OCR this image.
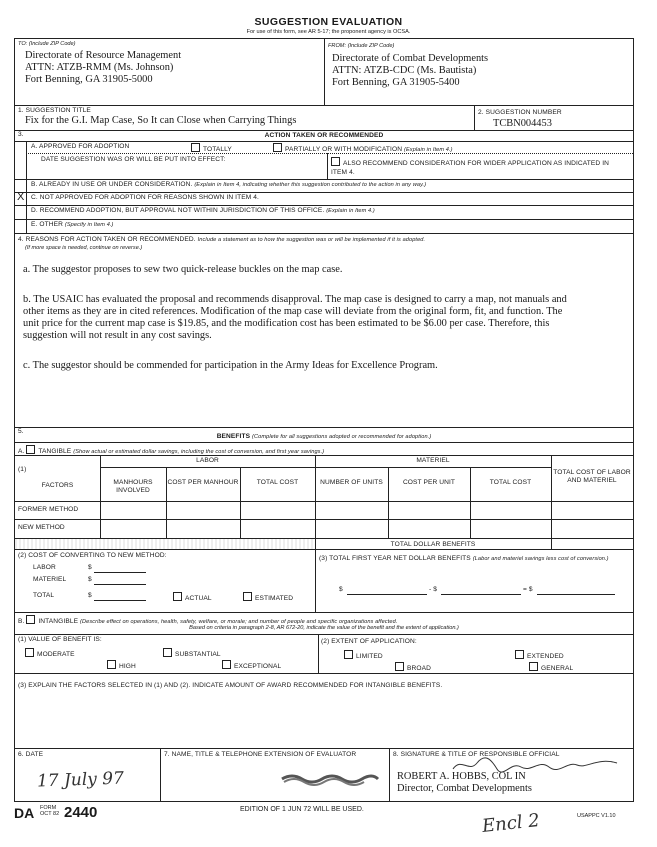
SUGGESTION EVALUATION
For use of this form, see AR 5-17; the proponent agency is OCSA.
TO: (Include ZIP Code)
Directorate of Resource Management
ATTN: ATZB-RMM (Ms. Johnson)
Fort Benning, GA 31905-5000
FROM: (Include ZIP Code)
Directorate of Combat Developments
ATTN: ATZB-CDC (Ms. Bautista)
Fort Benning, GA 31905-5400
1. SUGGESTION TITLE
Fix for the G.I. Map Case, So It can Close when Carrying Things
2. SUGGESTION NUMBER
TCBN004453
3.	ACTION TAKEN OR RECOMMENDED
A. APPROVED FOR ADOPTION	TOTALLY	PARTIALLY OR WITH MODIFICATION (Explain in Item 4.)
DATE SUGGESTION WAS OR WILL BE PUT INTO EFFECT:
ALSO RECOMMEND CONSIDERATION FOR WIDER APPLICATION AS INDICATED IN ITEM 4.
B. ALREADY IN USE OR UNDER CONSIDERATION. (Explain in Item 4, indicating whether this suggestion contributed to the action in any way.)
X C. NOT APPROVED FOR ADOPTION FOR REASONS SHOWN IN ITEM 4.
D. RECOMMEND ADOPTION, BUT APPROVAL NOT WITHIN JURISDICTION OF THIS OFFICE. (Explain in Item 4.)
E. OTHER (Specify in Item 4.)
4. REASONS FOR ACTION TAKEN OR RECOMMENDED. Include a statement as to how the suggestion was or will be implemented if it is adopted.
(If more space is needed, continue on reverse.)
a. The suggestor proposes to sew two quick-release buckles on the map case.
b. The USAIC has evaluated the proposal and recommends disapproval. The map case is designed to carry a map, not manuals and
other items as they are in cited references. Modification of the map case will deviate from the original form, fit, and function. The
unit price for the current map case is $19.85, and the modification cost has been estimated to be $6.00 per case. Therefore, this
suggestion will not result in any cost savings.
c. The suggestor should be commended for participation in the Army Ideas for Excellence Program.
5.
BENEFITS (Complete for all suggestions adopted or recommended for adoption.)
A. TANGIBLE (Show actual or estimated dollar savings, including the cost of conversion, and first year savings.)
(1)
LABOR	MATERIEL
FACTORS	MANHOURS INVOLVED
COST PER MANHOUR	TOTAL COST	NUMBER OF UNITS	COST PER UNIT	TOTAL COST
TOTAL COST OF LABOR AND MATERIEL
FORMER METHOD
NEW METHOD
TOTAL DOLLAR BENEFITS
(2) COST OF CONVERTING TO NEW METHOD:
LABOR	$
MATERIEL	$
TOTAL	$	ACTUAL	ESTIMATED
(3) TOTAL FIRST YEAR NET DOLLAR BENEFITS (Labor and materiel savings less cost of conversion.)
$	- $	= $
B. INTANGIBLE (Describe effect on operations, health, safety, welfare, or morale; and number of people and specific organizations affected.
Based on criteria in paragraph 2-8, AR 672-20, indicate the value of the benefit and the extent of application.)
(1) VALUE OF BENEFIT IS:
MODERATE	SUBSTANTIAL
HIGH	EXCEPTIONAL
(2) EXTENT OF APPLICATION:
LIMITED	EXTENDED
BROAD	GENERAL
(3) EXPLAIN THE FACTORS SELECTED IN (1) AND (2). INDICATE AMOUNT OF AWARD RECOMMENDED FOR INTANGIBLE BENEFITS.
6. DATE
17 July 97
7. NAME, TITLE & TELEPHONE EXTENSION OF EVALUATOR	8. SIGNATURE & TITLE OF RESPONSIBLE OFFICIAL
ROBERT A. HOBBS, COL IN
Director, Combat Developments
DA FORM
OCT 82 2440	EDITION OF 1 JUN 72 WILL BE USED.
USAPPC V1.10
Encl 2
